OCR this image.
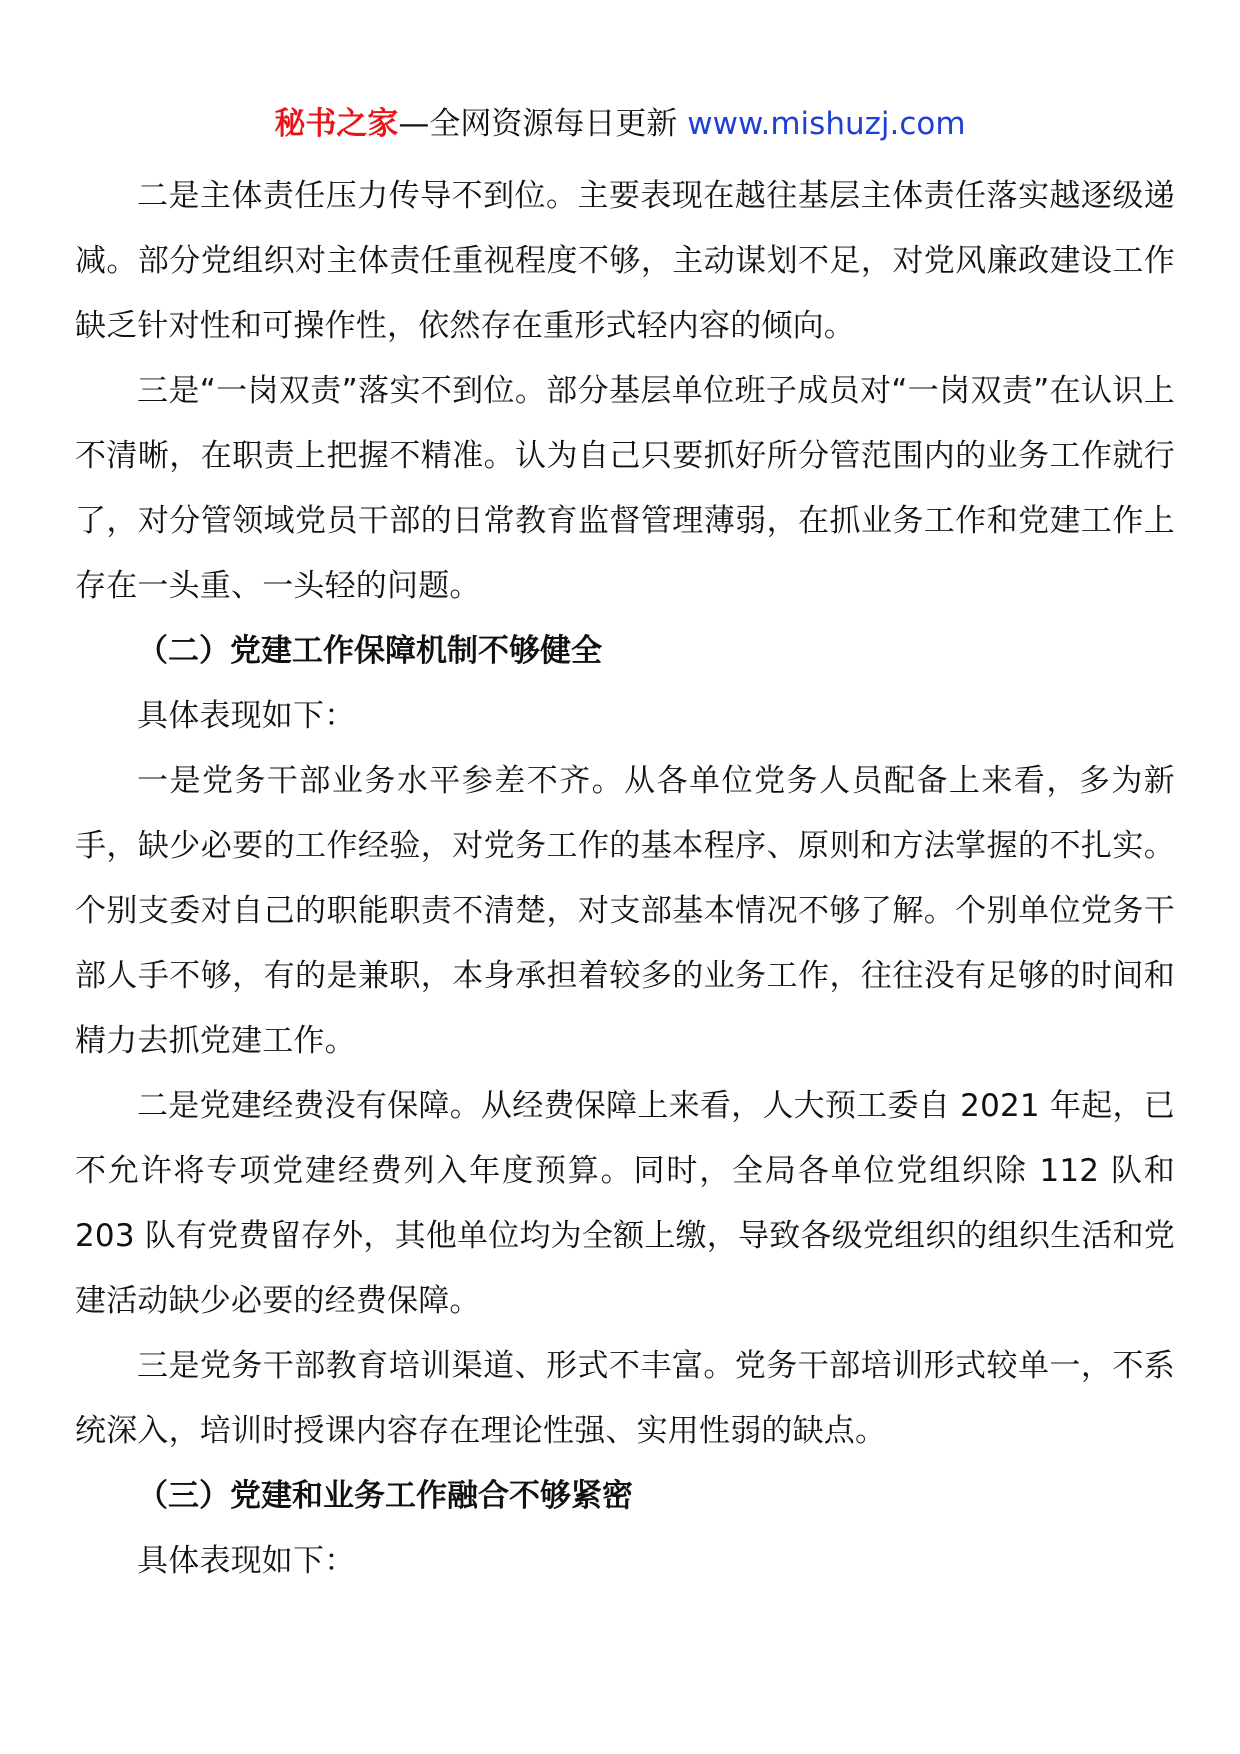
秘书之家—全网资源每日更新 www.mishuzj.com

二是主体责任压力传导不到位。主要表现在越往基层主体责任落实越逐级递减。部分党组织对主体责任重视程度不够，主动谋划不足，对党风廉政建设工作缺乏针对性和可操作性，依然存在重形式轻内容的倾向。

三是“一岗双责”落实不到位。部分基层单位班子成员对“一岗双责”在认识上不清晰，在职责上把握不精准。认为自己只要抓好所分管范围内的业务工作就行了，对分管领域党员干部的日常教育监督管理薄弱，在抓业务工作和党建工作上存在一头重、一头轻的问题。

（二）党建工作保障机制不够健全

具体表现如下：

一是党务干部业务水平参差不齐。从各单位党务人员配备上来看，多为新手，缺少必要的工作经验，对党务工作的基本程序、原则和方法掌握的不扎实。个别支委对自己的职能职责不清楚，对支部基本情况不够了解。个别单位党务干部人手不够，有的是兼职，本身承担着较多的业务工作，往往没有足够的时间和精力去抓党建工作。

二是党建经费没有保障。从经费保障上来看，人大预工委自 2021 年起，已不允许将专项党建经费列入年度预算。同时，全局各单位党组织除 112 队和 203 队有党费留存外，其他单位均为全额上缴，导致各级党组织的组织生活和党建活动缺少必要的经费保障。

三是党务干部教育培训渠道、形式不丰富。党务干部培训形式较单一，不系统深入，培训时授课内容存在理论性强、实用性弱的缺点。

（三）党建和业务工作融合不够紧密

具体表现如下：
